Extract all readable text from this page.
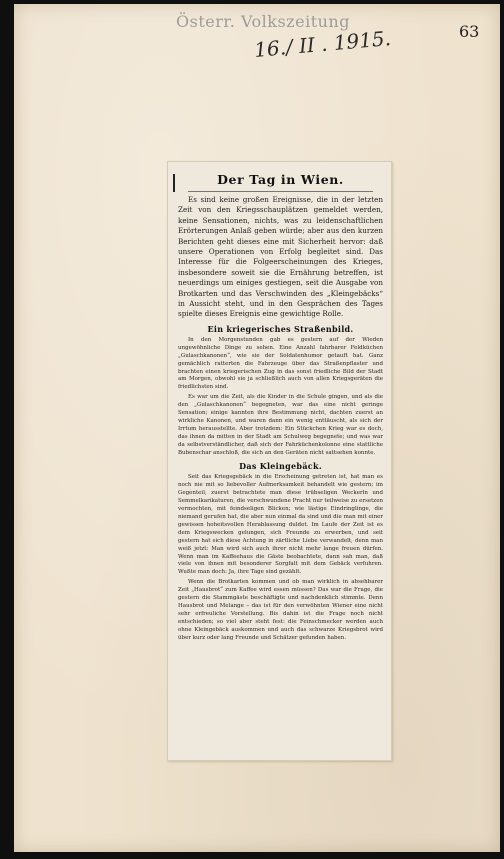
Österr. Volkszeitung
16./ II . 1915.	63
Der Tag in Wien.

Es sind keine großen Ereignisse, die in der letzten Zeit von den Kriegsschauplätzen gemeldet werden, keine Sensationen, nichts, was zu leidenschaftlichen Erörterungen Anlaß geben würde; aber aus den kurzen Berichten geht dieses eine mit Sicherheit hervor: daß unsere Operationen von Erfolg begleitet sind. Das Interesse für die Folgeerscheinungen des Krieges, insbesondere soweit sie die Ernährung betreffen, ist neuerdings um einiges gestiegen, seit die Ausgabe von Brotkarten und das Verschwinden des „Kleingebäcks“ in Aussicht steht, und in den Gesprächen des Tages spielte dieses Ereignis eine gewichtige Rolle.

Ein kriegerisches Straßenbild.

In den Morgenstunden gab es gestern auf der Wieden ungewöhnliche Dinge zu sehen. Eine Anzahl fahrbarer Feldküchen „Gulaschkanonen“, wie sie der Soldatenhumor getauft hat. Ganz gemächlich ratterten die Fahrzeuge über das Straßenpflaster und brachten einen kriegerischen Zug in das sonst friedliche Bild der Stadt am Morgen, obwohl sie ja schließlich auch von allen Kriegsgeräten die friedlichsten sind.

Es war um die Zeit, als die Kinder in die Schule gingen, und als die den „Gulaschkanonen“ begegneten, war das eine nicht geringe Sensation; einige kannten ihre Bestimmung nicht, dachten zuerst an wirkliche Kanonen, und waren dann ein wenig enttäuscht, als sich der Irrtum herausstellte. Aber trotzdem: Ein Stückchen Krieg war es doch, das ihnen da mitten in der Stadt am Schulweg begegnete; und was war da selbstverständlicher, daß sich der Fahrküchenkolonne eine stattliche Bubenschar anschloß, die sich an den Geräten nicht sattsehen konnte.

Das Kleingebäck.

Seit das Kriegsgebäck in die Erscheinung getreten ist, hat man es noch nie mit so liebevoller Aufmerksamkeit behandelt wie gestern; im Gegenteil, zuerst betrachtete man diese trübseligen Weckerln und Semmelkarikaturen, die verschwundene Pracht nur teilweise zu ersetzen vermochten, mit feindseligen Blicken; wie lästige Eindringlinge, die niemand gerufen hat, die aber nun einmal da sind und die man mit einer gewissen hoheitsvollen Herablassung duldet. Im Laufe der Zeit ist es dem Kriegswecken gelungen, sich Freunde zu erwerben, und seit gestern hat sich diese Achtung in zärtliche Liebe verwandelt, denn man weiß jetzt: Man wird sich auch ihrer nicht mehr lange freuen dürfen. Wenn man im Kaffeehaus die Gäste beobachtete, dann sah man, daß viele von ihnen mit besonderer Sorgfalt mit dem Gebäck verfuhren. Wußte man doch: Ja, ihre Tage sind gezählt.

Wenn die Brotkarten kommen und ob man wirklich in absehbarer Zeit „Hausbrot“ zum Kaffee wird essen müssen? Das war die Frage, die gestern die Stammgäste beschäftigte und nachdenklich stimmte. Denn Hausbrot und Melange – das ist für den verwöhnten Wiener eine nicht sehr erfreuliche Vorstellung. Bis dahin ist die Frage noch nicht entschieden; so viel aber steht fest: die Feinschmecker werden auch ohne Kleingebäck auskommen und auch das schwarze Kriegsbrot wird über kurz oder lang Freunde und Schätzer gefunden haben.
